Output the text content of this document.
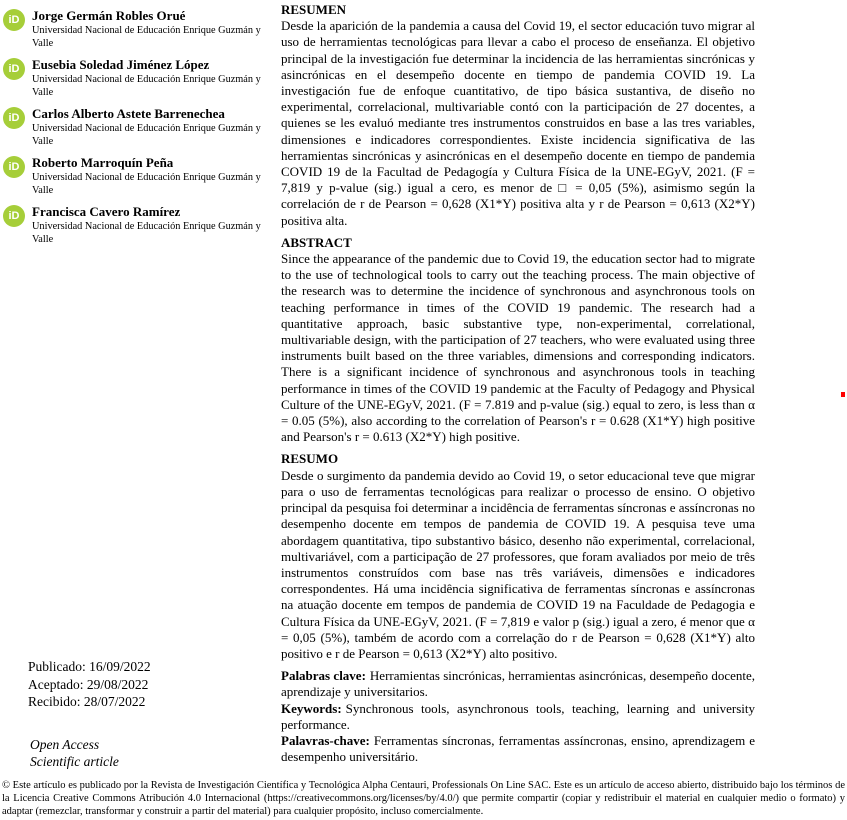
iD Jorge Germán Robles Orué
Universidad Nacional de Educación Enrique Guzmán y Valle
iD Eusebia Soledad Jiménez López
Universidad Nacional de Educación Enrique Guzmán y Valle
iD Carlos Alberto Astete Barrenechea
Universidad Nacional de Educación Enrique Guzmán y Valle
iD Roberto Marroquín Peña
Universidad Nacional de Educación Enrique Guzmán y Valle
iD Francisca Cavero Ramírez
Universidad Nacional de Educación Enrique Guzmán y Valle
Publicado: 16/09/2022
Aceptado: 29/08/2022
Recibido: 28/07/2022
Open Access
Scientific article
RESUMEN

Desde la aparición de la pandemia a causa del Covid 19, el sector educación tuvo migrar al uso de herramientas tecnológicas para llevar a cabo el proceso de enseñanza. El objetivo principal de la investigación fue determinar la incidencia de las herramientas sincrónicas y asincrónicas en el desempeño docente en tiempo de pandemia COVID 19. La investigación fue de enfoque cuantitativo, de tipo básica sustantiva, de diseño no experimental, correlacional, multivariable contó con la participación de 27 docentes, a quienes se les evaluó mediante tres instrumentos construidos en base a las tres variables, dimensiones e indicadores correspondientes. Existe incidencia significativa de las herramientas sincrónicas y asincrónicas en el desempeño docente en tiempo de pandemia COVID 19 de la Facultad de Pedagogía y Cultura Física de la UNE-EGyV, 2021. (F = 7,819 y p-value (sig.) igual a cero, es menor de □ = 0,05 (5%), asimismo según la correlación de r de Pearson = 0,628 (X1*Y) positiva alta y r de Pearson = 0,613 (X2*Y) positiva alta.

ABSTRACT

Since the appearance of the pandemic due to Covid 19, the education sector had to migrate to the use of technological tools to carry out the teaching process. The main objective of the research was to determine the incidence of synchronous and asynchronous tools on teaching performance in times of the COVID 19 pandemic. The research had a quantitative approach, basic substantive type, non-experimental, correlational, multivariable design, with the participation of 27 teachers, who were evaluated using three instruments built based on the three variables, dimensions and corresponding indicators. There is a significant incidence of synchronous and asynchronous tools in teaching performance in times of the COVID 19 pandemic at the Faculty of Pedagogy and Physical Culture of the UNE-EGyV, 2021. (F = 7.819 and p-value (sig.) equal to zero, is less than α = 0.05 (5%), also according to the correlation of Pearson's r = 0.628 (X1*Y) high positive and Pearson's r = 0.613 (X2*Y) high positive.

RESUMO

Desde o surgimento da pandemia devido ao Covid 19, o setor educacional teve que migrar para o uso de ferramentas tecnológicas para realizar o processo de ensino. O objetivo principal da pesquisa foi determinar a incidência de ferramentas síncronas e assíncronas no desempenho docente em tempos de pandemia de COVID 19. A pesquisa teve uma abordagem quantitativa, tipo substantivo básico, desenho não experimental, correlacional, multivariável, com a participação de 27 professores, que foram avaliados por meio de três instrumentos construídos com base nas três variáveis, dimensões e indicadores correspondentes. Há uma incidência significativa de ferramentas síncronas e assíncronas na atuação docente em tempos de pandemia de COVID 19 na Faculdade de Pedagogia e Cultura Física da UNE-EGyV, 2021. (F = 7,819 e valor p (sig.) igual a zero, é menor que α = 0,05 (5%), também de acordo com a correlação do r de Pearson = 0,628 (X1*Y) alto positivo e r de Pearson = 0,613 (X2*Y) alto positivo.

Palabras clave: Herramientas sincrónicas, herramientas asincrónicas, desempeño docente, aprendizaje y universitarios.

Keywords: Synchronous tools, asynchronous tools, teaching, learning and university performance.

Palavras-chave: Ferramentas síncronas, ferramentas assíncronas, ensino, aprendizagem e desempenho universitário.

© Este artículo es publicado por la Revista de Investigación Científica y Tecnológica Alpha Centauri, Professionals On Line SAC. Este es un artículo de acceso abierto, distribuido bajo los términos de la Licencia Creative Commons Atribución 4.0 Internacional (https://creativecommons.org/licenses/by/4.0/) que permite compartir (copiar y redistribuir el material en cualquier medio o formato) y adaptar (remezclar, transformar y construir a partir del material) para cualquier propósito, incluso comercialmente.
